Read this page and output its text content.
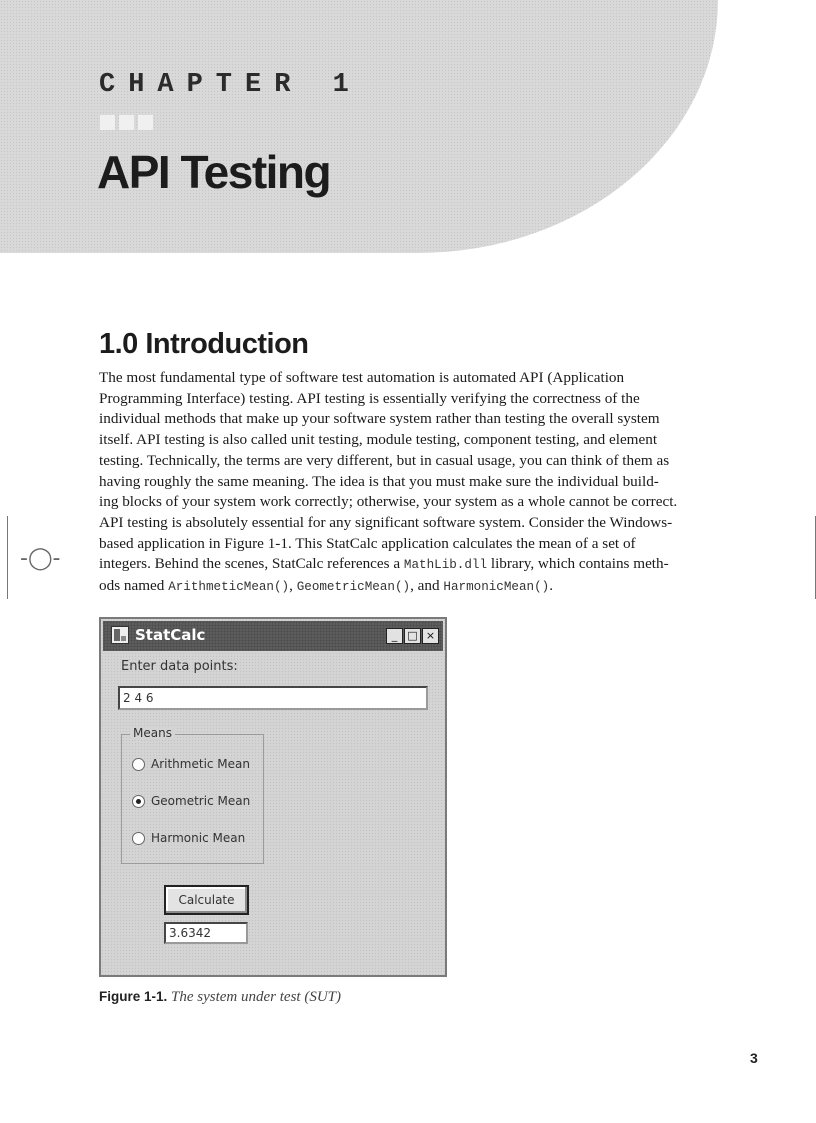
CHAPTER 1
API Testing
1.0 Introduction
The most fundamental type of software test automation is automated API (Application
Programming Interface) testing. API testing is essentially verifying the correctness of the
individual methods that make up your software system rather than testing the overall system
itself. API testing is also called unit testing, module testing, component testing, and element
testing. Technically, the terms are very different, but in casual usage, you can think of them as
having roughly the same meaning. The idea is that you must make sure the individual build-
ing blocks of your system work correctly; otherwise, your system as a whole cannot be correct.
API testing is absolutely essential for any significant software system. Consider the Windows-
based application in Figure 1-1. This StatCalc application calculates the mean of a set of
integers. Behind the scenes, StatCalc references a MathLib.dll library, which contains meth-
ods named ArithmeticMean(), GeometricMean(), and HarmonicMean().
-◯-
StatCalc	_ □ ×
Enter data points:
2 4 6
Means
Arithmetic Mean
Geometric Mean
Harmonic Mean
Calculate
3.6342

Figure 1-1. The system under test (SUT)

3
